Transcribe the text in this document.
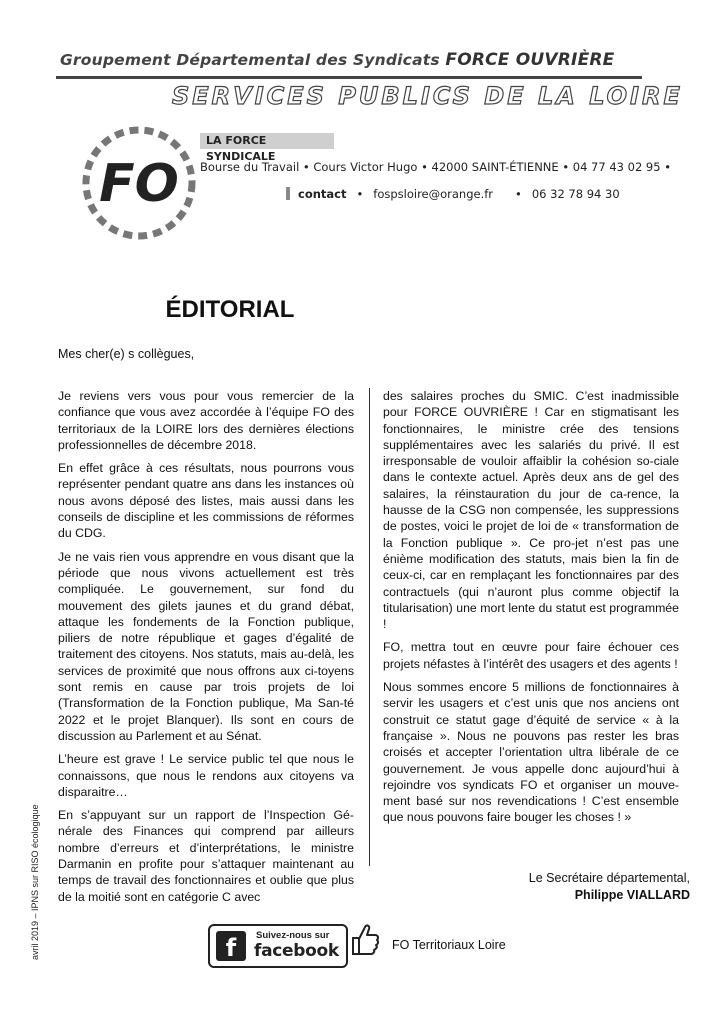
Groupement Départemental des Syndicats FORCE OUVRIÈRE
SERVICES PUBLICS DE LA LOIRE
FO
LA FORCE SYNDICALE
Bourse du Travail • Cours Victor Hugo • 42000 SAINT-ÉTIENNE • 04 77 43 02 95 •
contact • fospsloire@orange.fr • 06 32 78 94 30
ÉDITORIAL
Mes cher(e) s collègues,

Je reviens vers vous pour vous remercier de la confiance que vous avez accordée à l’équipe FO des territoriaux de la LOIRE lors des dernières élections professionnelles de décembre 2018.

En effet grâce à ces résultats, nous pourrons vous représenter pendant quatre ans dans les instances où nous avons déposé des listes, mais aussi dans les conseils de discipline et les commissions de réformes du CDG.

Je ne vais rien vous apprendre en vous disant que la période que nous vivons actuellement est très compliquée. Le gouvernement, sur fond du mouvement des gilets jaunes et du grand débat, attaque les fondements de la Fonction publique, piliers de notre république et gages d’égalité de traitement des citoyens. Nos statuts, mais au-delà, les services de proximité que nous offrons aux ci-toyens sont remis en cause par trois projets de loi (Transformation de la Fonction publique, Ma San-té 2022 et le projet Blanquer). Ils sont en cours de discussion au Parlement et au Sénat.

L’heure est grave ! Le service public tel que nous le connaissons, que nous le rendons aux citoyens va disparaitre…

En s’appuyant sur un rapport de l’Inspection Gé-nérale des Finances qui comprend par ailleurs nombre d’erreurs et d’interprétations, le ministre Darmanin en profite pour s’attaquer maintenant au temps de travail des fonctionnaires et oublie que plus de la moitié sont en catégorie C avec

des salaires proches du SMIC. C’est inadmissible pour FORCE OUVRIÈRE ! Car en stigmatisant les fonctionnaires, le ministre crée des tensions supplémentaires avec les salariés du privé. Il est irresponsable de vouloir affaiblir la cohésion so-ciale dans le contexte actuel. Après deux ans de gel des salaires, la réinstauration du jour de ca-rence, la hausse de la CSG non compensée, les suppressions de postes, voici le projet de loi de « transformation de la Fonction publique ». Ce pro-jet n’est pas une énième modification des statuts, mais bien la fin de ceux-ci, car en remplaçant les fonctionnaires par des contractuels (qui n’auront plus comme objectif la titularisation) une mort lente du statut est programmée !

FO, mettra tout en œuvre pour faire échouer ces projets néfastes à l’intérêt des usagers et des agents !

Nous sommes encore 5 millions de fonctionnaires à servir les usagers et c’est unis que nos anciens ont construit ce statut gage d’équité de service « à la française ». Nous ne pouvons pas rester les bras croisés et accepter l’orientation ultra libérale de ce gouvernement. Je vous appelle donc aujourd’hui à rejoindre vos syndicats FO et organiser un mouve-ment basé sur nos revendications ! C’est ensemble que nous pouvons faire bouger les choses ! »

Le Secrétaire départemental,
Philippe VIALLARD
avril 2019 – IPNS sur RISO écologique	f	Suivez-nous sur
facebook	FO Territoriaux Loire
